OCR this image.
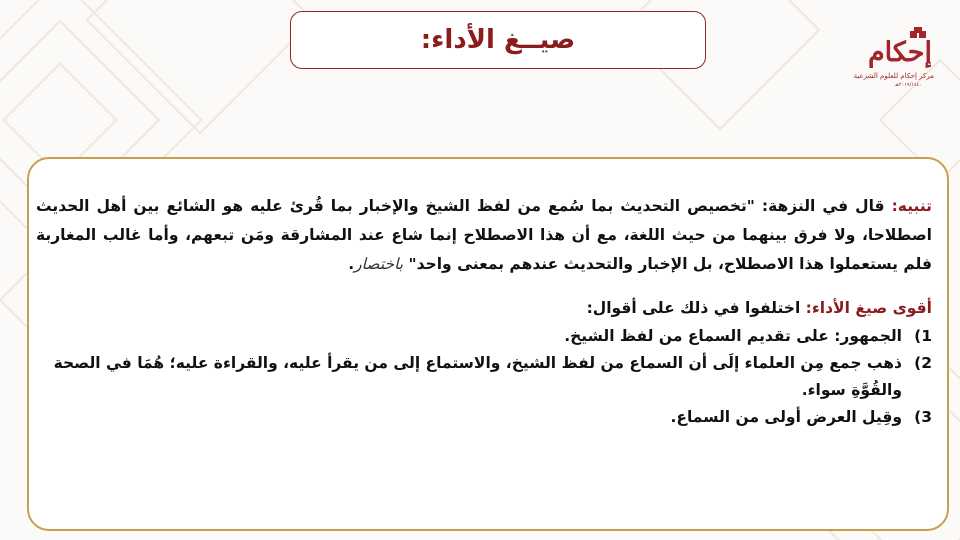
صيــغ الأداء:	إحكام
مركز إحكام للعلوم الشرعية
٢٠١٩/١٤٤٠هـ

تنبيه: قال في النزهة: "تخصيص التحديث بما سُمع من لفظ الشيخ والإخبار بما قُرئ عليه هو الشائع بين أهل الحديث اصطلاحا، ولا فرق بينهما من حيث اللغة، مع أن هذا الاصطلاح إنما شاع عند المشارقة ومَن تبعهم، وأما غالب المغاربة فلم يستعملوا هذا الاصطلاح، بل الإخبار والتحديث عندهم بمعنى واحد" باختصار.

أقوى صيغ الأداء: اختلفوا في ذلك على أقوال:

1)
الجمهور: على تقديم السماع من لفظ الشيخ.
2)
ذهب جمع مِن العلماء إلَى أن السماع من لفظ الشيخ، والاستماع إلى من يقرأ عليه، والقراءة عليه؛ هُمَا في الصحة والقُوَّةِ سواء.
3)
وقِيل العرض أولى من السماع.
